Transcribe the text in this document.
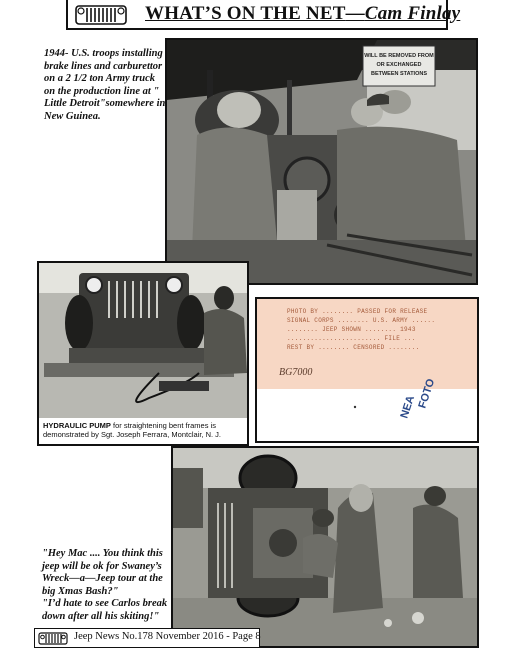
WHAT’S ON THE NET—Cam Finlay
1944- U.S. troops installing
brake lines and carburettor
on a 2 1/2 ton Army truck
on the production line at "
Little Detroit"somewhere in
New Guinea.
WILL BE REMOVED FROM
OR EXCHANGED
BETWEEN STATIONS
HYDRAULIC PUMP for straightening bent frames is
demonstrated by Sgt. Joseph Ferrara, Montclair, N. J.
PHOTO BY ........ PASSED FOR RELEASE
SIGNAL CORPS ........ U.S. ARMY ......
........ JEEP SHOWN ........ 1943
........................ FILE ...
REST BY ........ CENSORED ........
BG7000
NEA FOTO
"Hey Mac .... You think this
jeep will be ok for Swaney’s
Wreck—a—Jeep tour at the
big Xmas Bash?"
"I’d hate to see Carlos break
down after all his skiting!"
Jeep News No.178 November 2016 - Page 8
